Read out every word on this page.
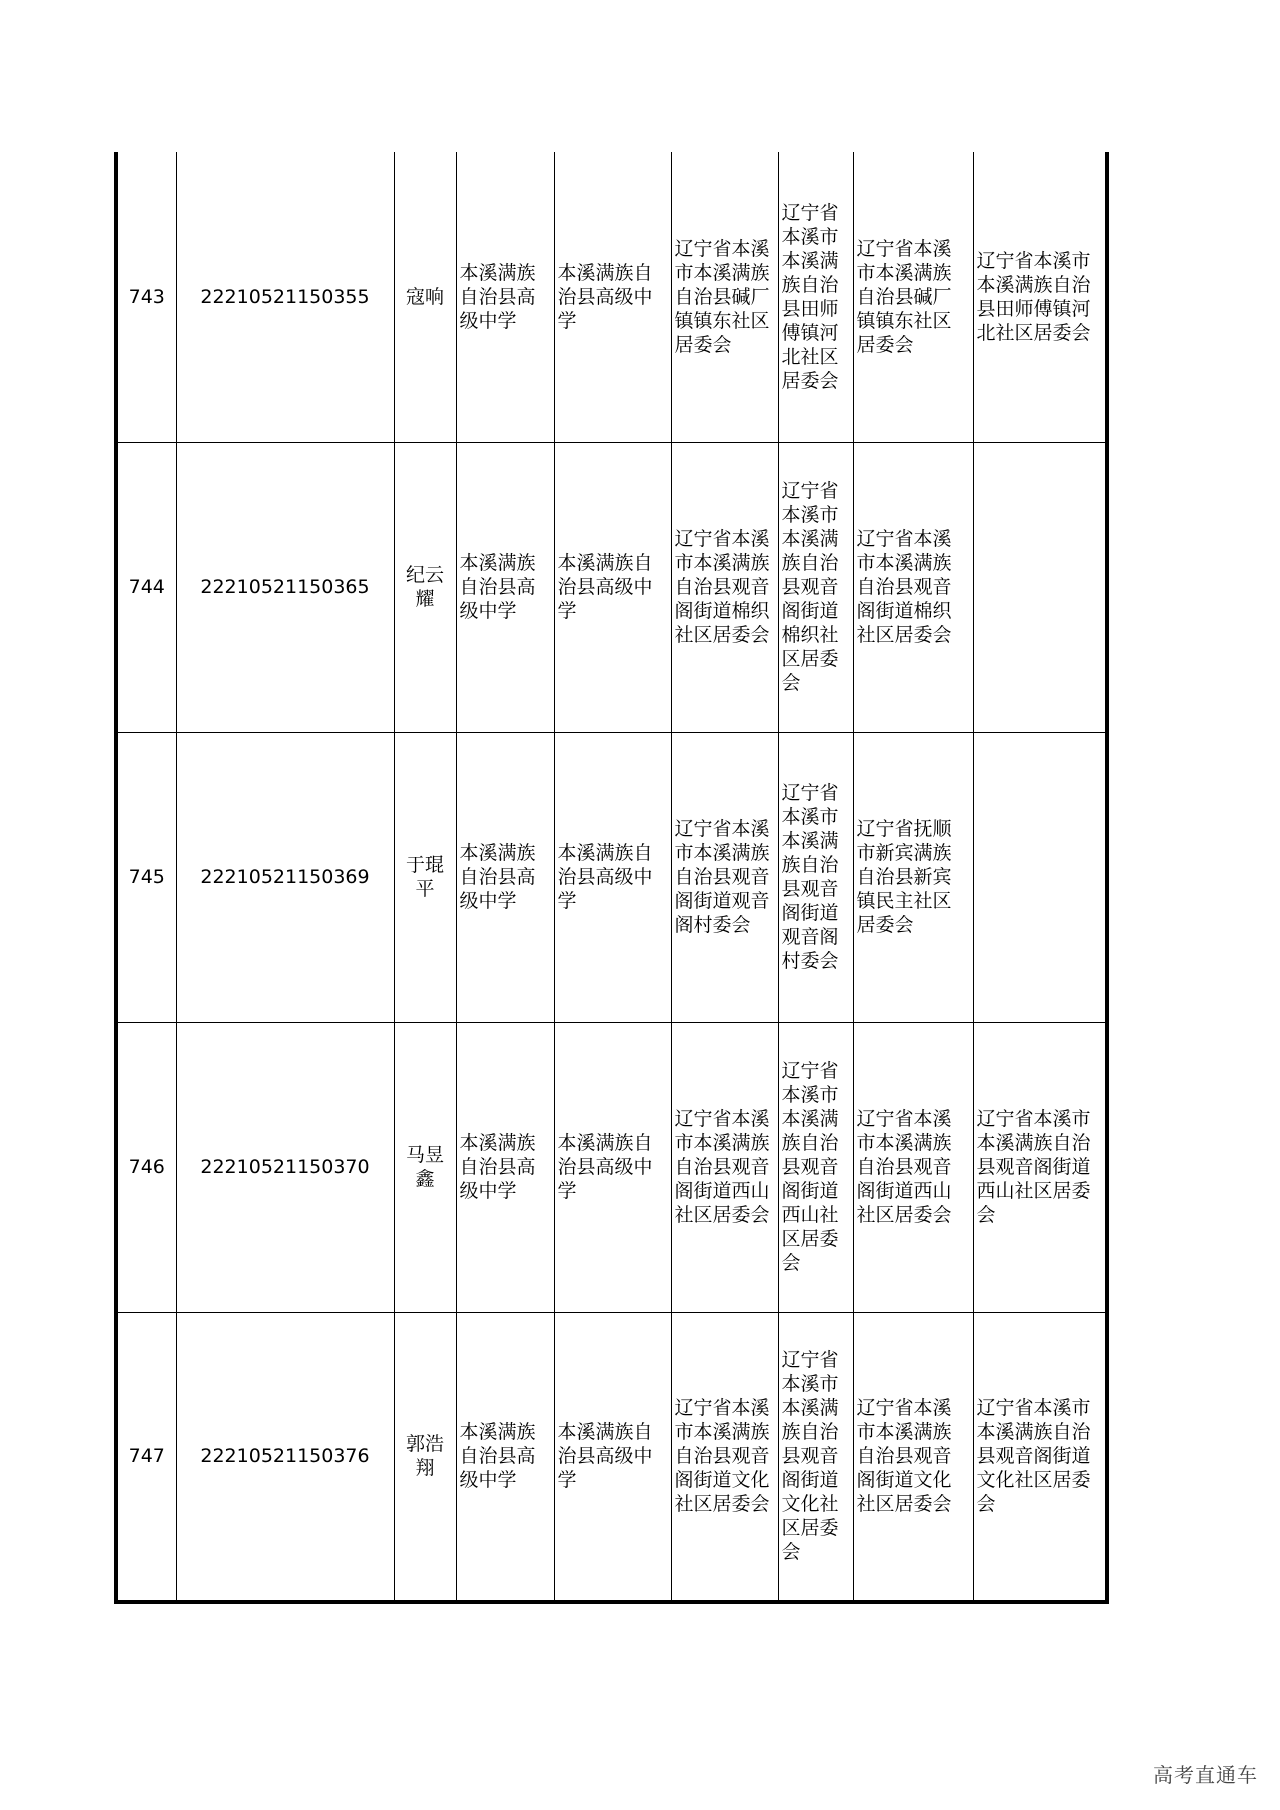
743	22210521150355	寇响	本溪满族自治县高级中学	本溪满族自治县高级中学	辽宁省本溪市本溪满族自治县碱厂镇镇东社区居委会	辽宁省本溪市本溪满族自治县田师傅镇河北社区居委会	辽宁省本溪市本溪满族自治县碱厂镇镇东社区居委会	辽宁省本溪市本溪满族自治县田师傅镇河北社区居委会
744	22210521150365	纪云耀	本溪满族自治县高级中学	本溪满族自治县高级中学	辽宁省本溪市本溪满族自治县观音阁街道棉织社区居委会	辽宁省本溪市本溪满族自治县观音阁街道棉织社区居委会	辽宁省本溪市本溪满族自治县观音阁街道棉织社区居委会	
745	22210521150369	于琨平	本溪满族自治县高级中学	本溪满族自治县高级中学	辽宁省本溪市本溪满族自治县观音阁街道观音阁村委会	辽宁省本溪市本溪满族自治县观音阁街道观音阁村委会	辽宁省抚顺市新宾满族自治县新宾镇民主社区居委会	
746	22210521150370	马昱鑫	本溪满族自治县高级中学	本溪满族自治县高级中学	辽宁省本溪市本溪满族自治县观音阁街道西山社区居委会	辽宁省本溪市本溪满族自治县观音阁街道西山社区居委会	辽宁省本溪市本溪满族自治县观音阁街道西山社区居委会	辽宁省本溪市本溪满族自治县观音阁街道西山社区居委会
747	22210521150376	郭浩翔	本溪满族自治县高级中学	本溪满族自治县高级中学	辽宁省本溪市本溪满族自治县观音阁街道文化社区居委会	辽宁省本溪市本溪满族自治县观音阁街道文化社区居委会	辽宁省本溪市本溪满族自治县观音阁街道文化社区居委会	辽宁省本溪市本溪满族自治县观音阁街道文化社区居委会
高考直通车
